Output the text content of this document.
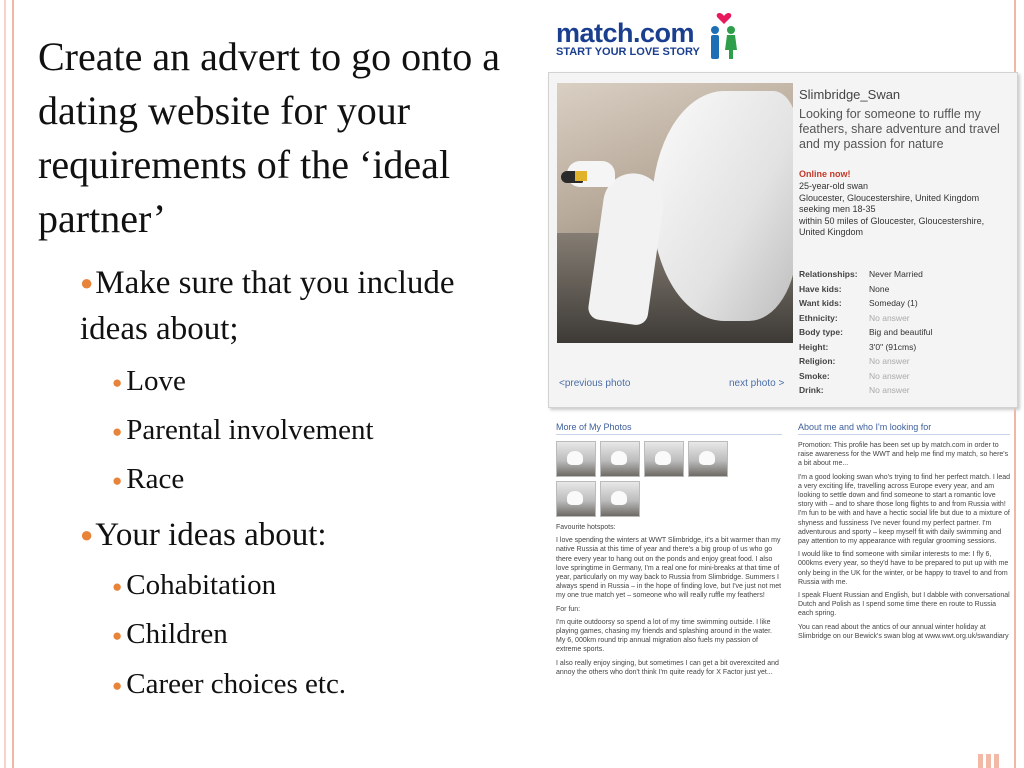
Create an advert to go onto a dating website for your requirements of the ‘ideal partner’

●Make sure that you include ideas about;
● Love
● Parental involvement
● Race
●Your ideas about:
● Cohabitation
● Children
● Career choices etc.
match.com
START YOUR LOVE STORY
Slimbridge_Swan
Looking for someone to ruffle my feathers, share adventure and travel and my passion for nature
Online now!
25-year-old swan
Gloucester, Gloucestershire, United Kingdom
seeking men 18-35
within 50 miles of Gloucester, Gloucestershire, United Kingdom
Relationships:	Never Married
Have kids:	None
Want kids:	Someday (1)
Ethnicity:	No answer
Body type:	Big and beautiful
Height:	3'0" (91cms)
Religion:	No answer
Smoke:	No answer
Drink:	No answer
<previous photo	next photo >
More of My Photos

Favourite hotspots:

I love spending the winters at WWT Slimbridge, it's a bit warmer than my native Russia at this time of year and there's a big group of us who go there every year to hang out on the ponds and enjoy great food. I also love springtime in Germany, I'm a real one for mini-breaks at that time of year, particularly on my way back to Russia from Slimbridge. Summers I always spend in Russia – in the hope of finding love, but I've just not met my one true match yet – someone who will really ruffle my feathers!

For fun:

I'm quite outdoorsy so spend a lot of my time swimming outside. I like playing games, chasing my friends and splashing around in the water. My 6, 000km round trip annual migration also fuels my passion of extreme sports.

I also really enjoy singing, but sometimes I can get a bit overexcited and annoy the others who don't think I'm quite ready for X Factor just yet...

About me and who I'm looking for

Promotion: This profile has been set up by match.com in order to raise awareness for the WWT and help me find my match, so here's a bit about me...

I'm a good looking swan who's trying to find her perfect match. I lead a very exciting life, travelling across Europe every year, and am looking to settle down and find someone to start a romantic love story with – and to share those long flights to and from Russia with! I'm fun to be with and have a hectic social life but due to a mixture of shyness and fussiness I've never found my perfect partner. I'm adventurous and sporty – keep myself fit with daily swimming and pay attention to my appearance with regular grooming sessions.

I would like to find someone with similar interests to me: I fly 6, 000kms every year, so they'd have to be prepared to put up with me only being in the UK for the winter, or be happy to travel to and from Russia with me.

I speak Fluent Russian and English, but I dabble with conversational Dutch and Polish as I spend some time there en route to Russia each spring.

You can read about the antics of our annual winter holiday at Slimbridge on our Bewick's swan blog at www.wwt.org.uk/swandiary
